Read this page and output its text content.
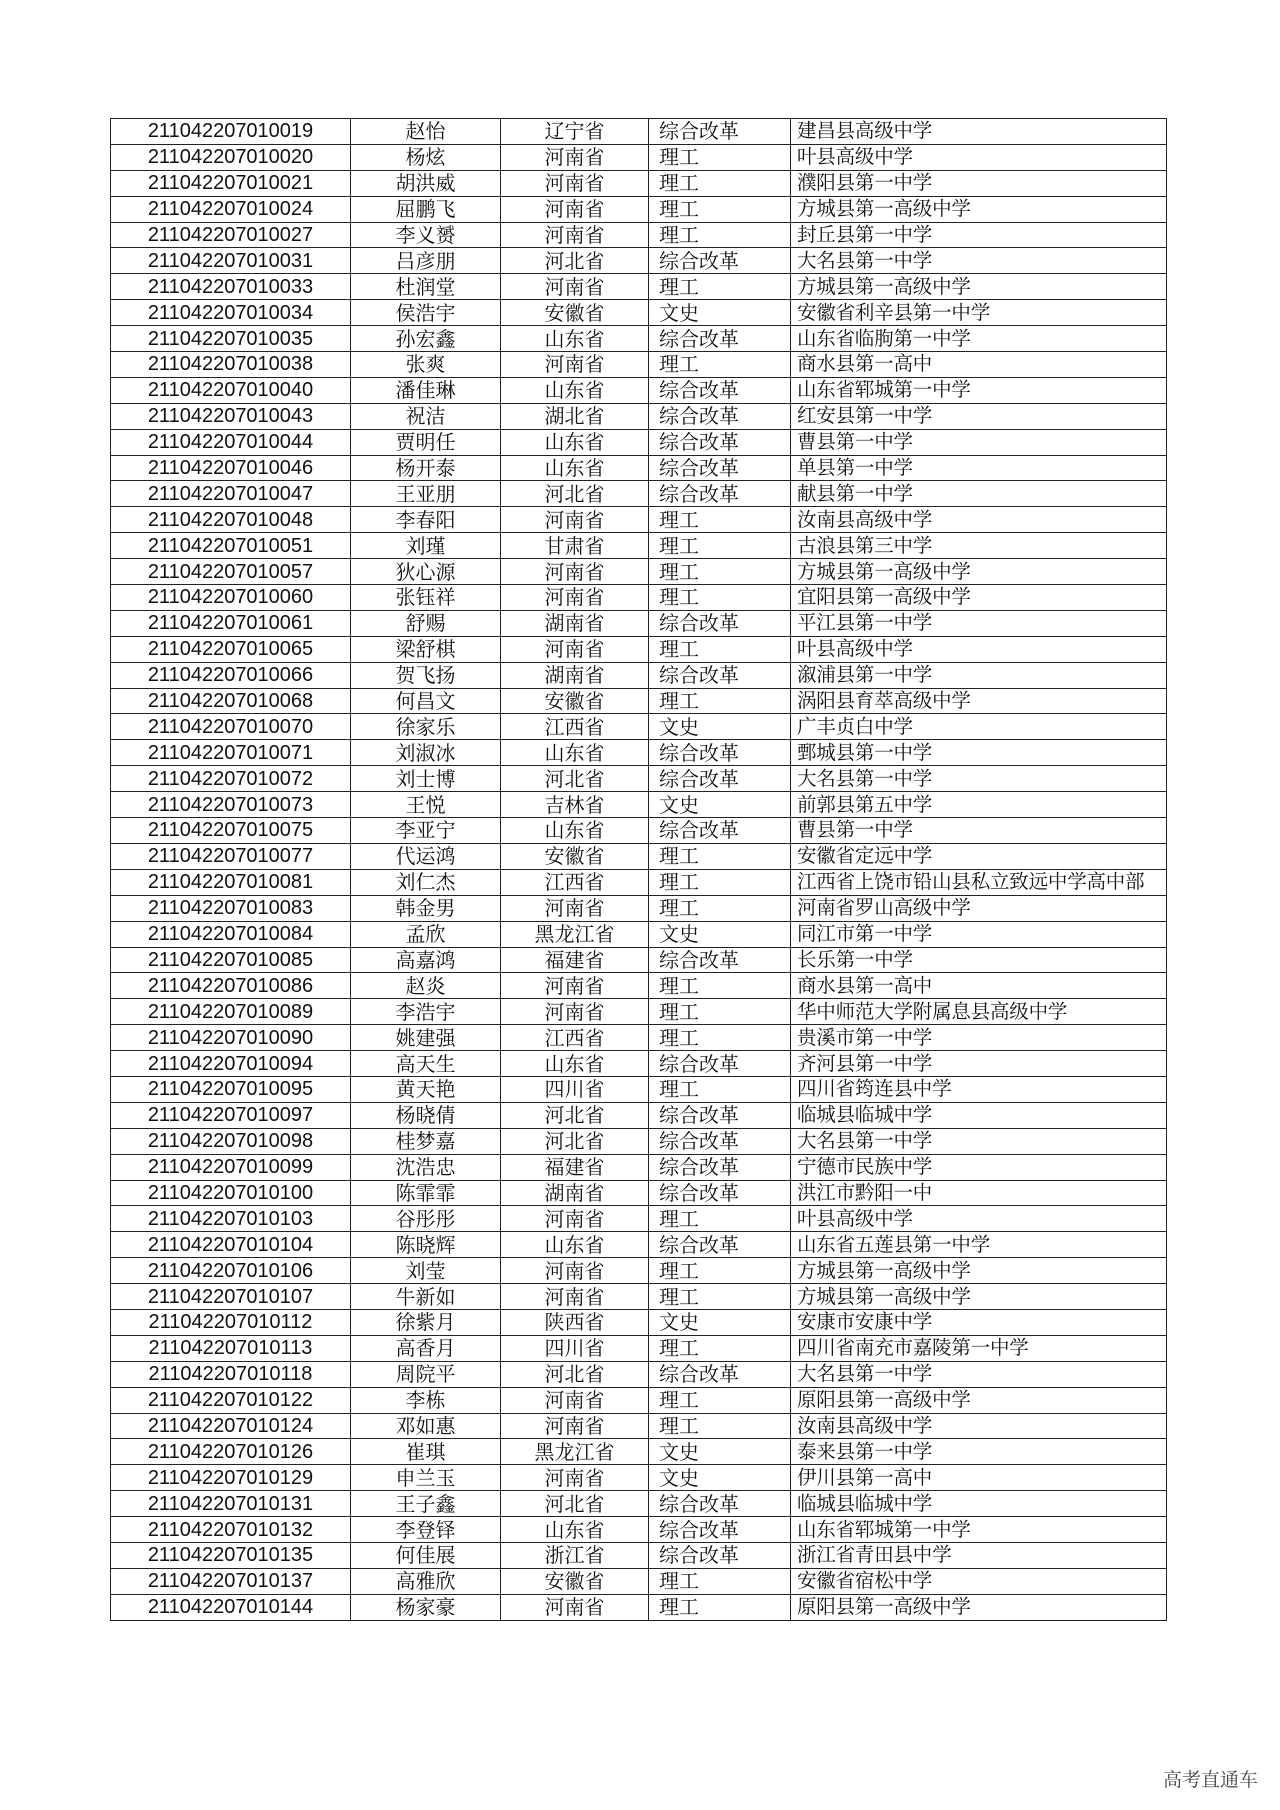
211042207010019	赵怡	辽宁省	综合改革	建昌县高级中学
211042207010020	杨炫	河南省	理工	叶县高级中学
211042207010021	胡洪威	河南省	理工	濮阳县第一中学
211042207010024	屈鹏飞	河南省	理工	方城县第一高级中学
211042207010027	李义赟	河南省	理工	封丘县第一中学
211042207010031	吕彦朋	河北省	综合改革	大名县第一中学
211042207010033	杜润堂	河南省	理工	方城县第一高级中学
211042207010034	侯浩宇	安徽省	文史	安徽省利辛县第一中学
211042207010035	孙宏鑫	山东省	综合改革	山东省临朐第一中学
211042207010038	张爽	河南省	理工	商水县第一高中
211042207010040	潘佳琳	山东省	综合改革	山东省郓城第一中学
211042207010043	祝洁	湖北省	综合改革	红安县第一中学
211042207010044	贾明任	山东省	综合改革	曹县第一中学
211042207010046	杨开泰	山东省	综合改革	单县第一中学
211042207010047	王亚朋	河北省	综合改革	献县第一中学
211042207010048	李春阳	河南省	理工	汝南县高级中学
211042207010051	刘瑾	甘肃省	理工	古浪县第三中学
211042207010057	狄心源	河南省	理工	方城县第一高级中学
211042207010060	张钰祥	河南省	理工	宜阳县第一高级中学
211042207010061	舒赐	湖南省	综合改革	平江县第一中学
211042207010065	梁舒棋	河南省	理工	叶县高级中学
211042207010066	贺飞扬	湖南省	综合改革	溆浦县第一中学
211042207010068	何昌文	安徽省	理工	涡阳县育萃高级中学
211042207010070	徐家乐	江西省	文史	广丰贞白中学
211042207010071	刘淑冰	山东省	综合改革	鄄城县第一中学
211042207010072	刘士博	河北省	综合改革	大名县第一中学
211042207010073	王悦	吉林省	文史	前郭县第五中学
211042207010075	李亚宁	山东省	综合改革	曹县第一中学
211042207010077	代运鸿	安徽省	理工	安徽省定远中学
211042207010081	刘仁杰	江西省	理工	江西省上饶市铅山县私立致远中学高中部
211042207010083	韩金男	河南省	理工	河南省罗山高级中学
211042207010084	孟欣	黑龙江省	文史	同江市第一中学
211042207010085	高嘉鸿	福建省	综合改革	长乐第一中学
211042207010086	赵炎	河南省	理工	商水县第一高中
211042207010089	李浩宇	河南省	理工	华中师范大学附属息县高级中学
211042207010090	姚建强	江西省	理工	贵溪市第一中学
211042207010094	高天生	山东省	综合改革	齐河县第一中学
211042207010095	黄天艳	四川省	理工	四川省筠连县中学
211042207010097	杨晓倩	河北省	综合改革	临城县临城中学
211042207010098	桂梦嘉	河北省	综合改革	大名县第一中学
211042207010099	沈浩忠	福建省	综合改革	宁德市民族中学
211042207010100	陈霏霏	湖南省	综合改革	洪江市黔阳一中
211042207010103	谷彤彤	河南省	理工	叶县高级中学
211042207010104	陈晓辉	山东省	综合改革	山东省五莲县第一中学
211042207010106	刘莹	河南省	理工	方城县第一高级中学
211042207010107	牛新如	河南省	理工	方城县第一高级中学
211042207010112	徐紫月	陕西省	文史	安康市安康中学
211042207010113	高香月	四川省	理工	四川省南充市嘉陵第一中学
211042207010118	周院平	河北省	综合改革	大名县第一中学
211042207010122	李栋	河南省	理工	原阳县第一高级中学
211042207010124	邓如惠	河南省	理工	汝南县高级中学
211042207010126	崔琪	黑龙江省	文史	泰来县第一中学
211042207010129	申兰玉	河南省	文史	伊川县第一高中
211042207010131	王子鑫	河北省	综合改革	临城县临城中学
211042207010132	李登铎	山东省	综合改革	山东省郓城第一中学
211042207010135	何佳展	浙江省	综合改革	浙江省青田县中学
211042207010137	高雅欣	安徽省	理工	安徽省宿松中学
211042207010144	杨家豪	河南省	理工	原阳县第一高级中学
高考直通车
